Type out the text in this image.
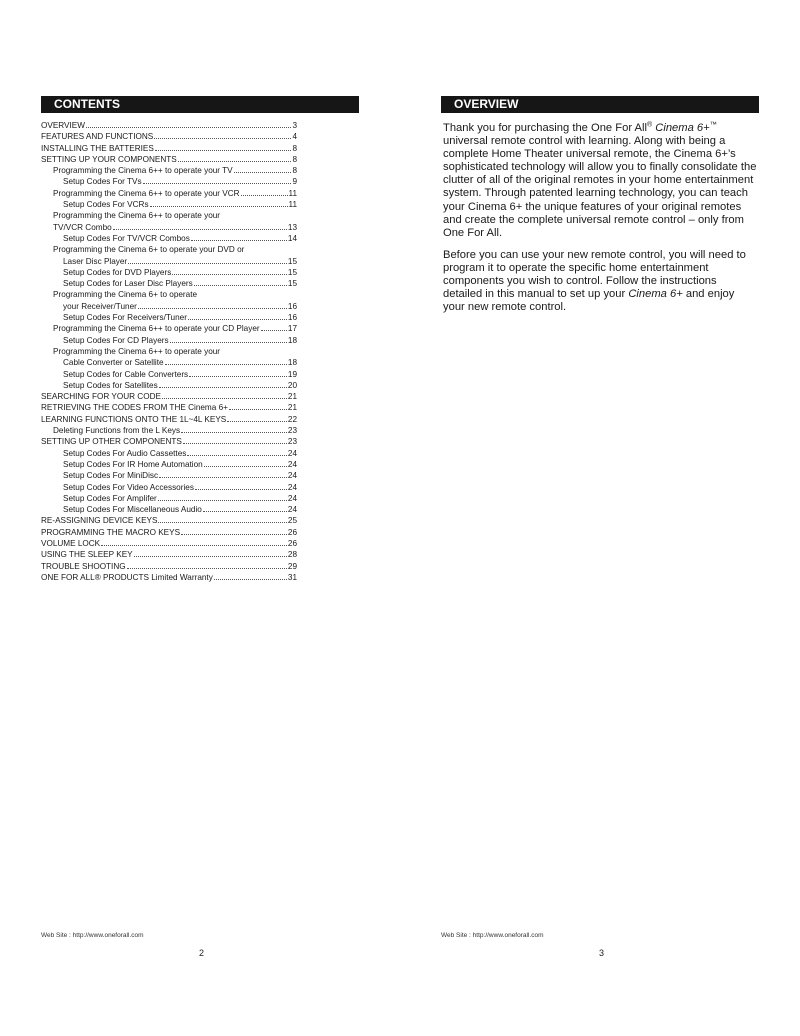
CONTENTS
OVERVIEW	3
FEATURES AND FUNCTIONS	4
INSTALLING THE BATTERIES	8
SETTING UP YOUR COMPONENTS	8
Programming the Cinema 6++ to operate your TV	8
Setup Codes For TVs	9
Programming the Cinema 6++ to operate your VCR	11
Setup Codes For VCRs	11
Programming the Cinema 6++ to operate your
TV/VCR Combo	13
Setup Codes For TV/VCR Combos	14
Programming the Cinema 6+ to operate your DVD or
Laser Disc Player	15
Setup Codes for DVD Players	15
Setup Codes for Laser Disc Players	15
Programming the Cinema 6+ to operate
your Receiver/Tuner	16
Setup Codes For Receivers/Tuner	16
Programming the Cinema 6++ to operate your CD Player	17
Setup Codes For CD Players	18
Programming the Cinema 6++ to operate your
Cable Converter or Satellite	18
Setup Codes for Cable Converters	19
Setup Codes for Satellites	20
SEARCHING FOR YOUR CODE	21
RETRIEVING THE CODES FROM THE Cinema 6+	21
LEARNING FUNCTIONS ONTO THE 1L~4L KEYS	22
Deleting Functions from the L Keys	23
SETTING UP OTHER COMPONENTS	23
Setup Codes For Audio Cassettes	24
Setup Codes For IR Home Automation	24
Setup Codes For MiniDisc	24
Setup Codes For Video Accessories	24
Setup Codes For Amplifer	24
Setup Codes For Miscellaneous Audio	24
RE-ASSIGNING DEVICE KEYS	25
PROGRAMMING THE MACRO KEYS	26
VOLUME LOCK	26
USING THE SLEEP KEY	28
TROUBLE SHOOTING	29
ONE FOR ALL® PRODUCTS Limited Warranty	31
Web Site : http://www.oneforall.com
2
OVERVIEW
Web Site : http://www.oneforall.com
3

Thank you for purchasing the One For All® Cinema 6+™ universal remote control with learning. Along with being a complete Home Theater universal remote, the Cinema 6+’s sophisticated technology will allow you to finally consolidate the clutter of all of the original remotes in your home entertainment system. Through patented learning technology, you can teach your Cinema 6+ the unique features of your original remotes and create the complete universal remote control – only from One For All.

Before you can use your new remote control, you will need to program it to operate the specific home entertainment components you wish to control. Follow the instructions detailed in this manual to set up your Cinema 6+ and enjoy your new remote control.
